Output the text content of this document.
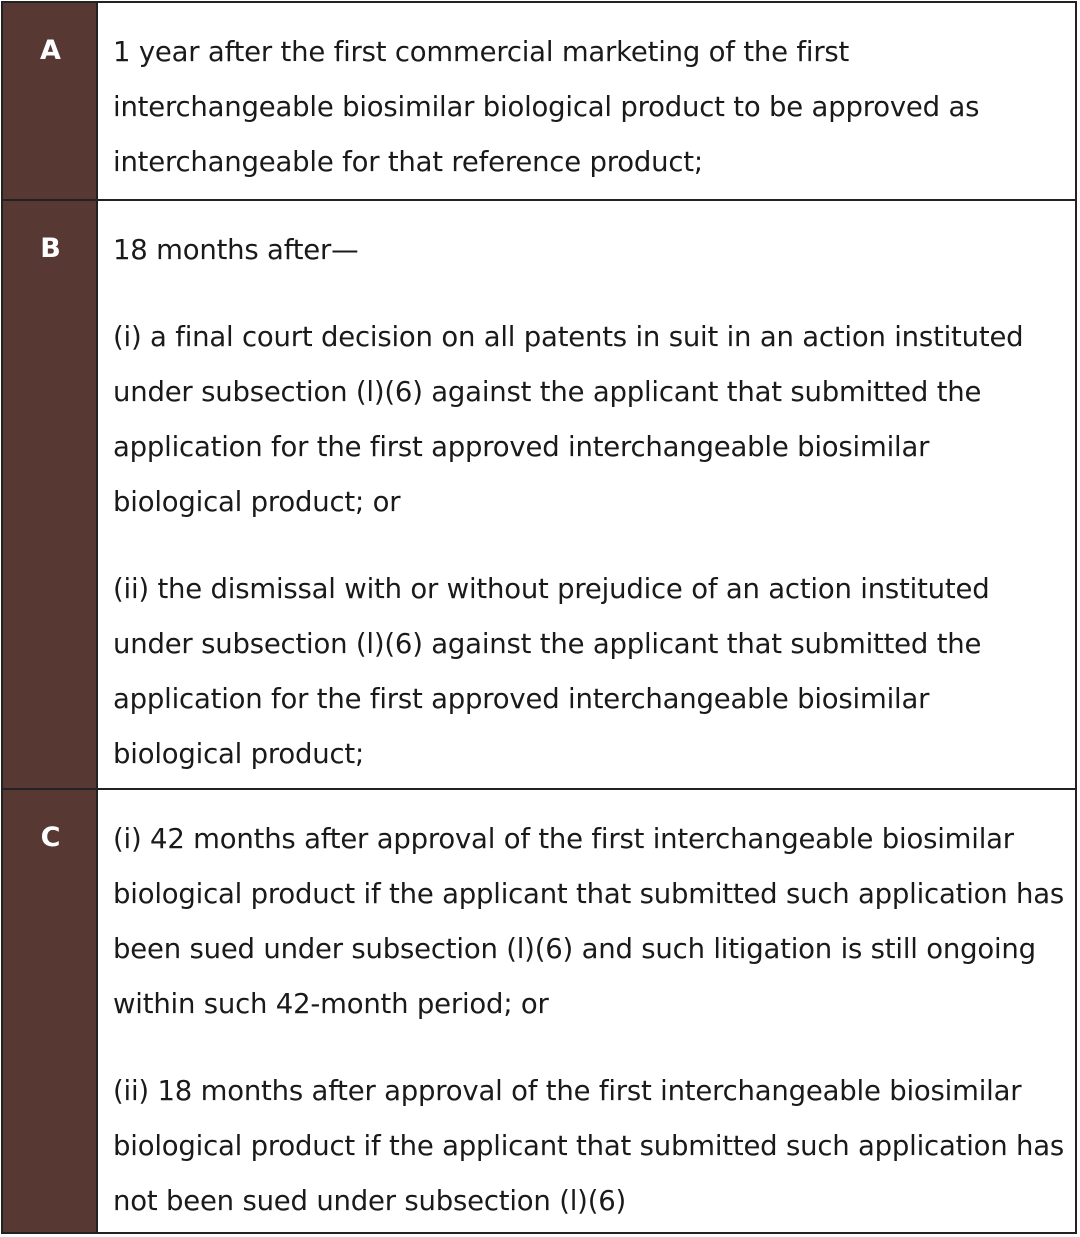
A	1 year after the first commercial marketing of the first interchangeable biosimilar biological product to be approved as interchangeable for that reference product;

B	18 months after—

(i) a final court decision on all patents in suit in an action instituted under subsection (l)(6) against the applicant that submitted the application for the first approved interchangeable biosimilar biological product; or

(ii) the dismissal with or without prejudice of an action instituted under subsection (l)(6) against the applicant that submitted the application for the first approved interchangeable biosimilar biological product;

C	(i) 42 months after approval of the first interchangeable biosimilar biological product if the applicant that submitted such application has been sued under subsection (l)(6) and such litigation is still ongoing within such 42-month period; or

(ii) 18 months after approval of the first interchangeable biosimilar biological product if the applicant that submitted such application has not been sued under subsection (l)(6)
